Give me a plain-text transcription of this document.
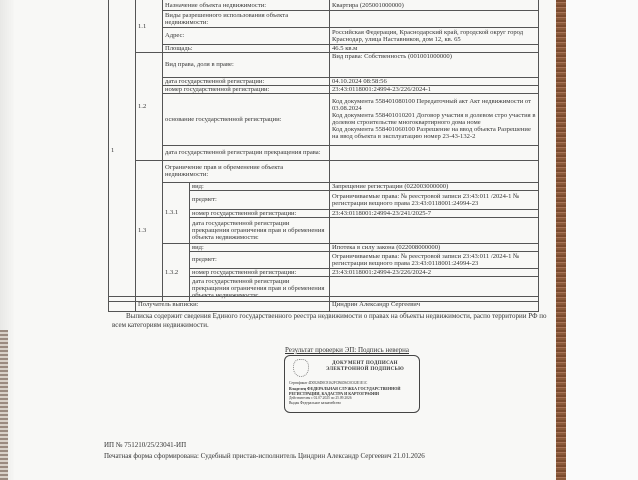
1	1.1	Назначение объекта недвижимости:		Квартира (205001000000)
		Виды разрешенного использования объекта недвижимости:		
		Адрес:		Российская Федерация, Краснодарский край, городской округ город Краснодар, улица Наставников, дом 12, кв. 65
		Площадь:		46.5 кв.м
	1.2	Вид права, доля в праве:		Вид права: Собственность (001001000000)
		дата государственной регистрации:		04.10.2024 08:58:56
		номер государственной регистрации:		23:43:0118001:24994-23/226/2024-1
		основание государственной регистрации:		Код документа 558401080100 Передаточный акт Акт недвижимости от 03.08.2024
Код документа 558401010201 Договор участия в долевом стро участия в долевом строительстве многоквартирного дома номе
Код документа 558401060100 Разрешение на ввод объекта Разрешение на ввод объекта в эксплуатацию номер 23-43-132-2

		дата государственной регистрации прекращения права:		
	1.3	Ограничение прав и обременение объекта недвижимости:		
		1.3.1	вид:	Запрещение регистрации (022003000000)
			предмет:	Ограничиваемые права: № реестровой записи 23:43:011 /2024-1 № регистрации вещного права 23:43:0118001:24994-23
			номер государственной регистрации:	23:43:0118001:24994-23/241/2025-7
			дата государственной регистрации прекращения ограничения прав и обременения объекта недвижимости:	
		1.3.2	вид:	Ипотека в силу закона (022008000000)
			предмет:	Ограничиваемые права: № реестровой записи 23:43:011 /2024-1 № регистрации вещного права 23:43:0118001:24994-23
			номер государственной регистрации:	23:43:0118001:24994-23/226/2024-2
			дата государственной регистрации прекращения ограничения прав и обременения объекта недвижимости:	
	Получатель выписки:	Циндрин Александр Сергеевич
Выписка содержит сведения Единого государственного реестра недвижимости о правах на объекты недвижимости, распо территории РФ по всем категориям недвижимости.
Результат проверки ЭП: Подпись неверна
ДОКУМЕНТ ПОДПИСАН ЭЛЕКТРОННОЙ ПОДПИСЬЮ
Сертификат 4D0526D0C8162FCB6D6C0C02E1E1C
Владелец ФЕДЕРАЛЬНАЯ СЛУЖБА ГОСУДАРСТВЕННОЙ РЕГИСТРАЦИИ, КАДАСТРА И КАРТОГРАФИИ
Действителен с 02.07.2025 по 25.09.2026
Выдан Федеральное казначейство
ИП № 751210/25/23041-ИП
Печатная форма сформирована: Судебный пристав-исполнитель Циндрин Александр Сергеевич 21.01.2026
